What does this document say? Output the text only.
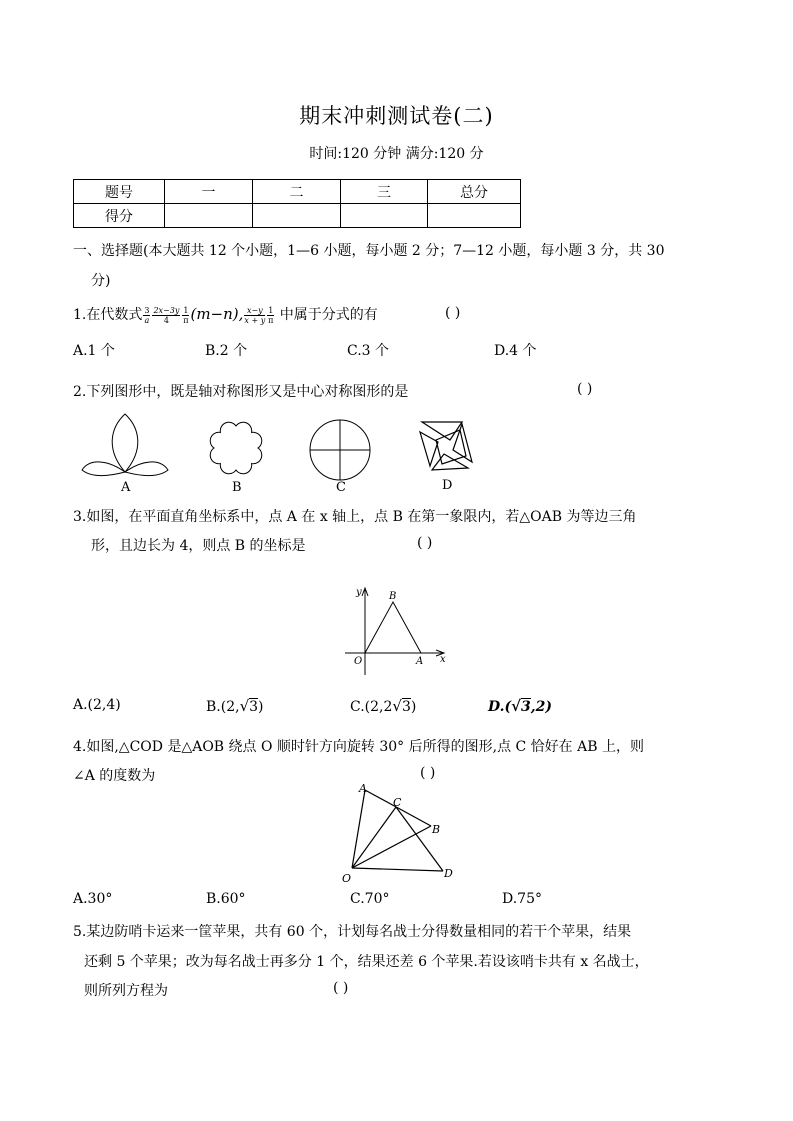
期末冲刺测试卷(二)
时间:120 分钟 满分:120 分
题号	一	二	三	总分
得分				
一、选择题(本大题共 12 个小题，1—6 小题，每小题 2 分；7—12 小题，每小题 3 分，共 30
分)
1.在代数式 $\frac{3}{a} \frac{2x-3y}{4} \frac{1}{\pi} (m-n)$, $\frac{x-y}{x + y} \frac{1}{\pi}$ 中属于分式的有	( )
A.1 个	B.2 个	C.3 个	D.4 个
2.下列图形中，既是轴对称图形又是中心对称图形的是	( )
A	B	C	D
3.如图，在平面直角坐标系中，点 A 在 x 轴上，点 B 在第一象限内，若△OAB 为等边三角
形，且边长为 4，则点 B 的坐标是	( )
y
x
O	A
B
A.(2,4)	B.(2,√3)	C.(2,2√3)	D.(√3,2)
4.如图,△COD 是△AOB 绕点 O 顺时针方向旋转 30° 后所得的图形,点 C 恰好在 AB 上，则
∠A 的度数为	( )
A
C
B
O	D
A.30°	B.60°	C.70°	D.75°
5.某边防哨卡运来一筐苹果，共有 60 个，计划每名战士分得数量相同的若干个苹果，结果
还剩 5 个苹果；改为每名战士再多分 1 个，结果还差 6 个苹果.若设该哨卡共有 x 名战士，
则所列方程为	( )
